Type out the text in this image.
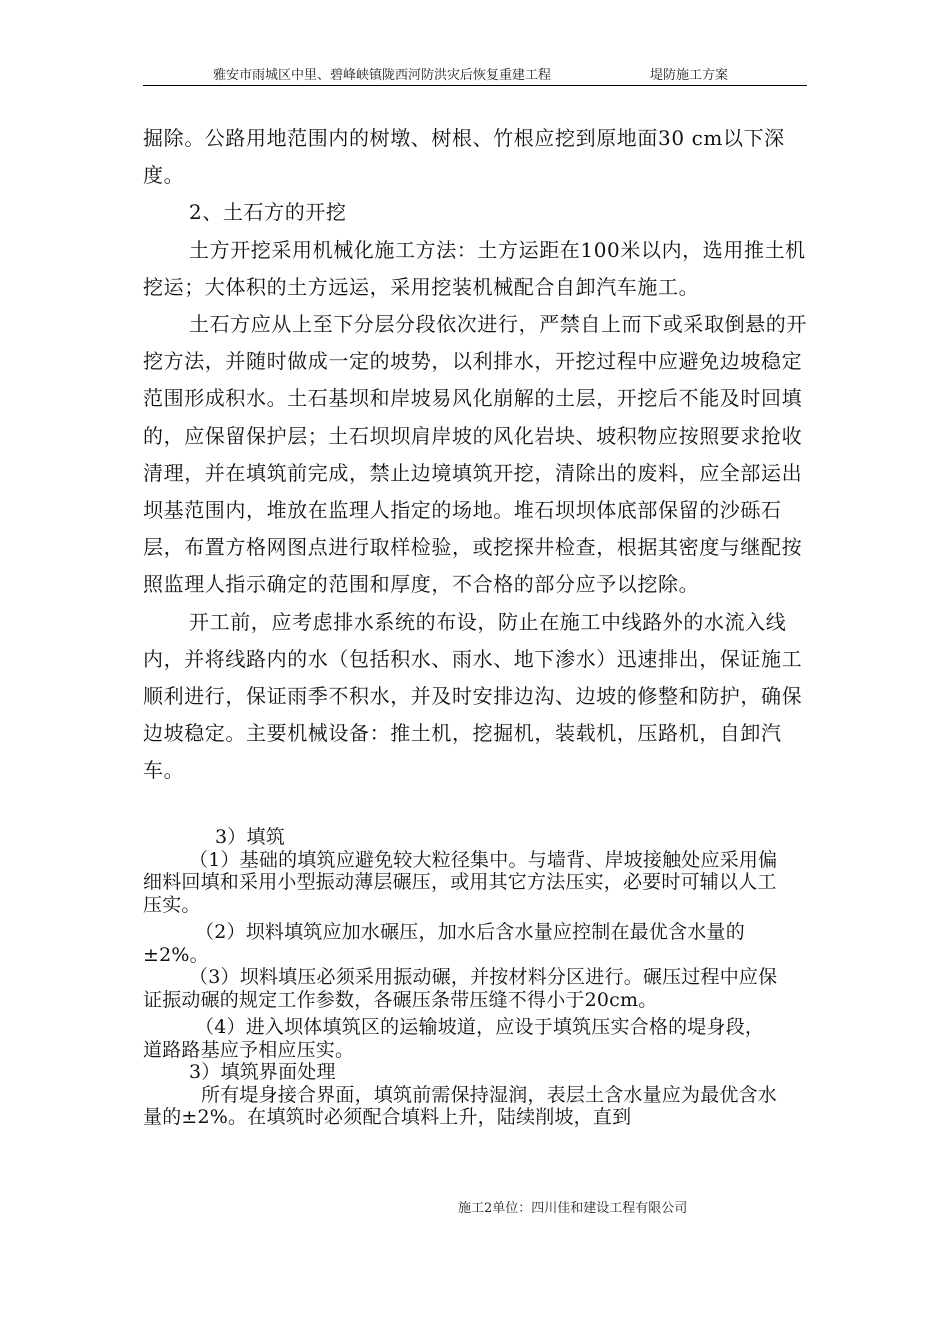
雅安市雨城区中里、碧峰峡镇陇西河防洪灾后恢复重建工程	堤防施工方案

掘除。公路用地范围内的树墩、树根、竹根应挖到原地面30 cm以下深度。

2、土石方的开挖

土方开挖采用机械化施工方法：土方运距在100米以内，选用推土机挖运；大体积的土方远运，采用挖装机械配合自卸汽车施工。

土石方应从上至下分层分段依次进行，严禁自上而下或采取倒悬的开挖方法，并随时做成一定的坡势，以利排水，开挖过程中应避免边坡稳定范围形成积水。土石基坝和岸坡易风化崩解的土层，开挖后不能及时回填的，应保留保护层；土石坝坝肩岸坡的风化岩块、坡积物应按照要求抢收清理，并在填筑前完成，禁止边境填筑开挖，清除出的废料，应全部运出坝基范围内，堆放在监理人指定的场地。堆石坝坝体底部保留的沙砾石层，布置方格网图点进行取样检验，或挖探井检查，根据其密度与继配按照监理人指示确定的范围和厚度，不合格的部分应予以挖除。

开工前，应考虑排水系统的布设，防止在施工中线路外的水流入线内，并将线路内的水（包括积水、雨水、地下渗水）迅速排出，保证施工顺利进行，保证雨季不积水，并及时安排边沟、边坡的修整和防护，确保边坡稳定。主要机械设备：推土机，挖掘机，装载机，压路机，自卸汽车。

3）填筑

（1）基础的填筑应避免较大粒径集中。与墙背、岸坡接触处应采用偏细料回填和采用小型振动薄层碾压，或用其它方法压实，必要时可辅以人工压实。

（2）坝料填筑应加水碾压，加水后含水量应控制在最优含水量的±2%。

（3）坝料填压必须采用振动碾，并按材料分区进行。碾压过程中应保证振动碾的规定工作参数，各碾压条带压缝不得小于20cm。

（4）进入坝体填筑区的运输坡道，应设于填筑压实合格的堤身段，道路路基应予相应压实。

3）填筑界面处理

所有堤身接合界面，填筑前需保持湿润，表层土含水量应为最优含水量的±2%。在填筑时必须配合填料上升，陆续削坡，直到

施工2单位：四川佳和建设工程有限公司
